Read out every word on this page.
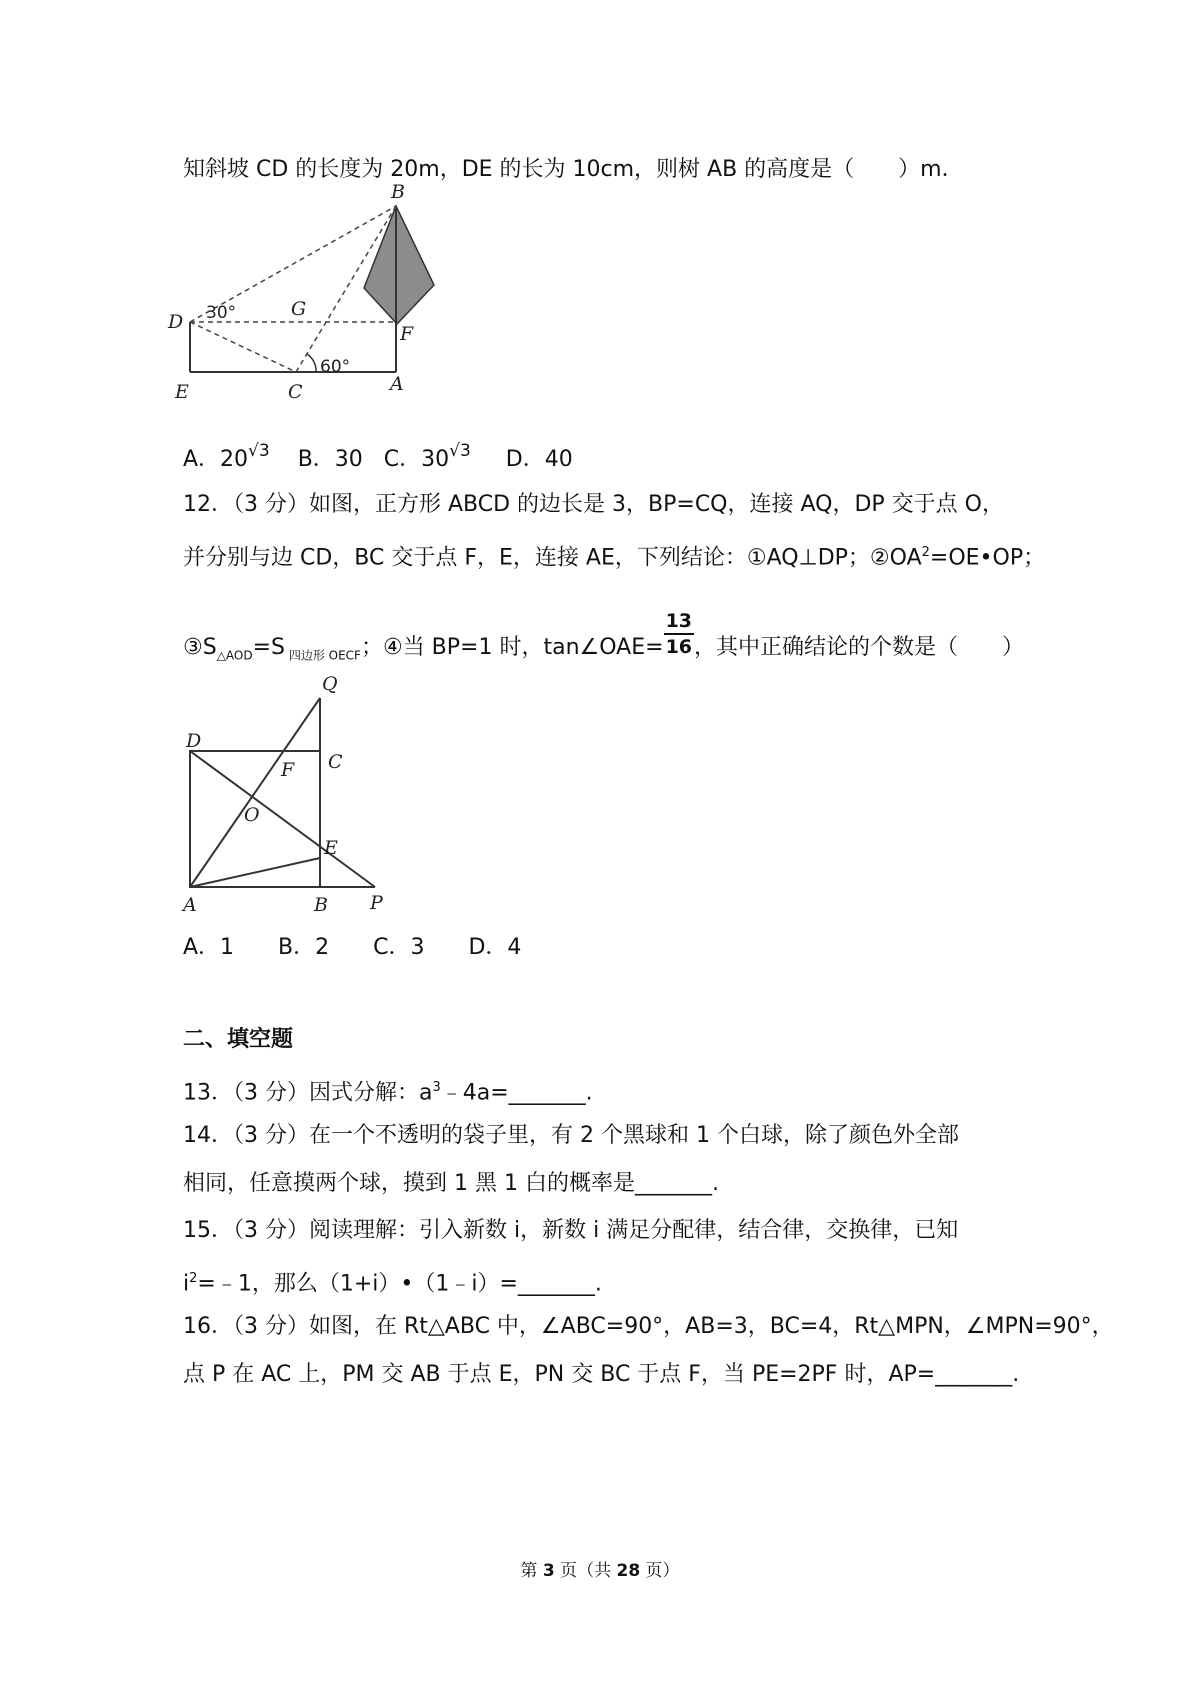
知斜坡 CD 的长度为 20m，DE 的长为 10cm，则树 AB 的高度是（　　）m．
B
D
G
F
E	C	A
30°
60°
A．$20^{√3}$ B．30 C．$30^{√3}$ D．40
12．（3 分）如图，正方形 ABCD 的边长是 3，BP=CQ，连接 AQ，DP 交于点 O，
并分别与边 CD，BC 交于点 F，E，连接 AE，下列结论：①AQ⊥DP；$②OA^2=OE•OP$；
$③S_{\triangle AOD}=S$ $_{四边形 OECF}$；④当 BP=1 时，tan∠OAE= $\frac{13}{16}$ ，其中正确结论的个数是（　　）
Q
D
C
F
O
E
A	B P
A．1　　B．2　　C．3　　D．4
二、填空题
13．（3 分）因式分解：$a^3﹣4a=\_\_\_\_\_\_\_$.
14．（3 分）在一个不透明的袋子里，有 2 个黑球和 1 个白球，除了颜色外全部
相同，任意摸两个球，摸到 1 黑 1 白的概率是_______.
15．（3 分）阅读理解：引入新数 i，新数 i 满足分配律，结合律，交换律，已知
$i^2=﹣1$，那么（1+i）•（1﹣i）=_______.
16．（3 分）如图，在 Rt△ABC 中，∠ABC=90°，AB=3，BC=4，Rt△MPN，∠MPN=90°，
点 P 在 AC 上，PM 交 AB 于点 E，PN 交 BC 于点 F，当 PE=2PF 时，AP=_______.
第 3 页（共 28 页）
